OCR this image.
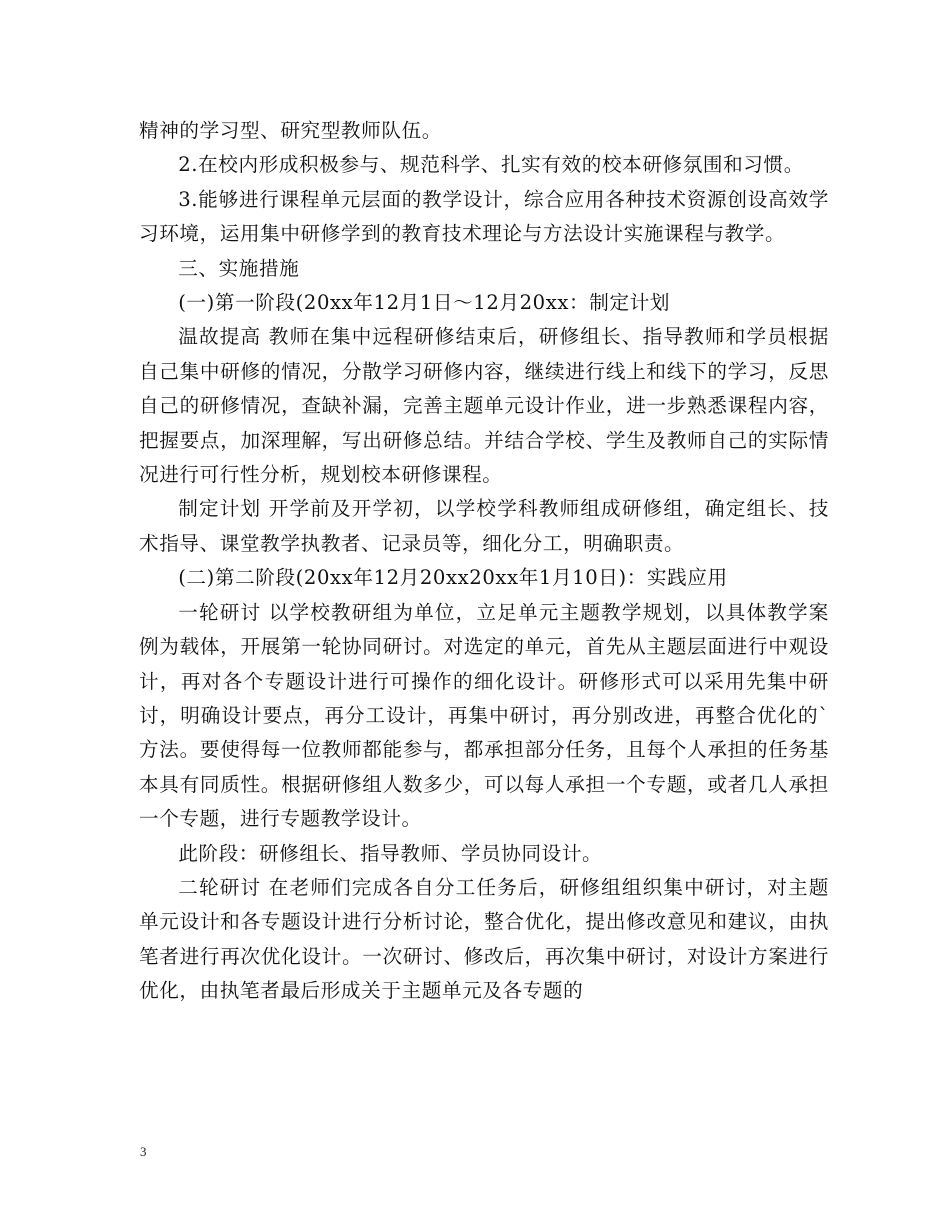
精神的学习型、研究型教师队伍。

2.在校内形成积极参与、规范科学、扎实有效的校本研修氛围和习惯。

3.能够进行课程单元层面的教学设计，综合应用各种技术资源创设高效学习环境，运用集中研修学到的教育技术理论与方法设计实施课程与教学。

三、实施措施

(一)第一阶段(20xx年12月1日～12月20xx：制定计划

温故提高 教师在集中远程研修结束后，研修组长、指导教师和学员根据自己集中研修的情况，分散学习研修内容，继续进行线上和线下的学习，反思自己的研修情况，查缺补漏，完善主题单元设计作业，进一步熟悉课程内容，把握要点，加深理解，写出研修总结。并结合学校、学生及教师自己的实际情况进行可行性分析，规划校本研修课程。

制定计划 开学前及开学初，以学校学科教师组成研修组，确定组长、技术指导、课堂教学执教者、记录员等，细化分工，明确职责。

(二)第二阶段(20xx年12月20xx20xx年1月10日)：实践应用

一轮研讨 以学校教研组为单位，立足单元主题教学规划，以具体教学案例为载体，开展第一轮协同研讨。对选定的单元，首先从主题层面进行中观设计，再对各个专题设计进行可操作的细化设计。研修形式可以采用先集中研讨，明确设计要点，再分工设计，再集中研讨，再分别改进，再整合优化的`方法。要使得每一位教师都能参与，都承担部分任务，且每个人承担的任务基本具有同质性。根据研修组人数多少，可以每人承担一个专题，或者几人承担一个专题，进行专题教学设计。

此阶段：研修组长、指导教师、学员协同设计。

二轮研讨 在老师们完成各自分工任务后，研修组组织集中研讨，对主题单元设计和各专题设计进行分析讨论，整合优化，提出修改意见和建议，由执笔者进行再次优化设计。一次研讨、修改后，再次集中研讨，对设计方案进行优化，由执笔者最后形成关于主题单元及各专题的

3
